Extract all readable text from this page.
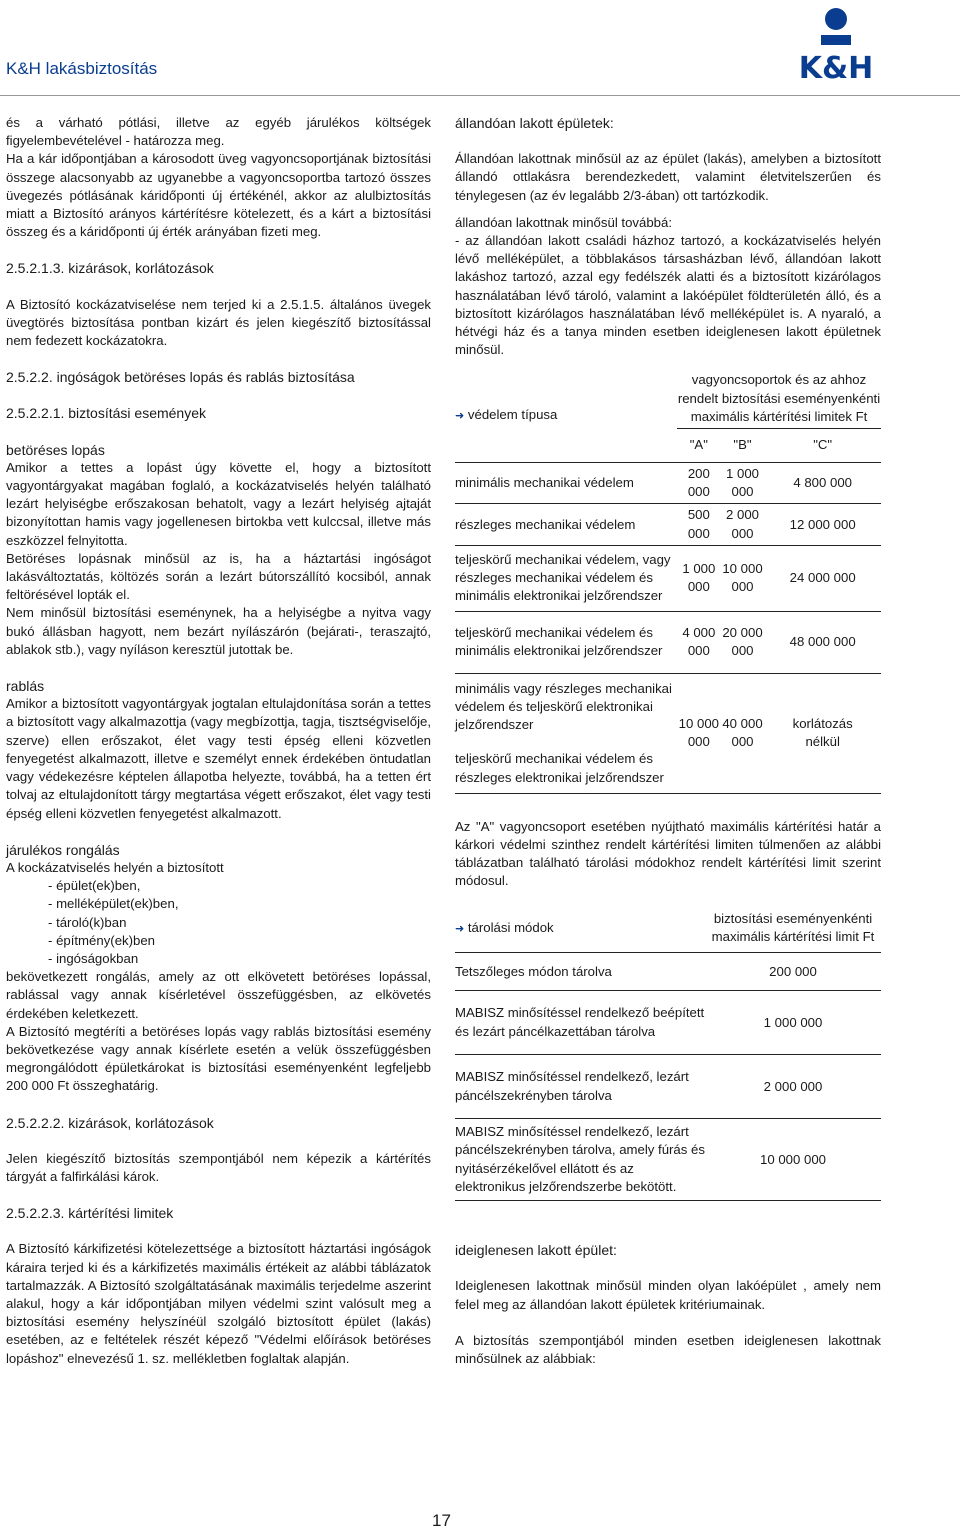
K&H lakásbiztosítás	K&H

és a várható pótlási, illetve az egyéb járulékos költségek figyelembevételével - határozza meg.

Ha a kár időpontjában a károsodott üveg vagyoncsoportjának biztosítási összege alacsonyabb az ugyanebbe a vagyoncsoportba tartozó összes üvegezés pótlásának káridőponti új értékénél, akkor az alulbiztosítás miatt a Biztosító arányos kártérítésre kötelezett, és a kárt a biztosítási összeg és a káridőponti új érték arányában fizeti meg.

2.5.2.1.3. kizárások, korlátozások

A Biztosító kockázatviselése nem terjed ki a 2.5.1.5. általános üvegek üvegtörés biztosítása pontban kizárt és jelen kiegészítő biztosítással nem fedezett kockázatokra.

2.5.2.2. ingóságok betöréses lopás és rablás biztosítása

2.5.2.2.1. biztosítási események

betöréses lopás

Amikor a tettes a lopást úgy követte el, hogy a biztosított vagyontárgyakat magában foglaló, a kockázatviselés helyén található lezárt helyiségbe erőszakosan behatolt, vagy a lezárt helyiség ajtaját bizonyítottan hamis vagy jogellenesen birtokba vett kulccsal, illetve más eszközzel felnyitotta.

Betöréses lopásnak minősül az is, ha a háztartási ingóságot lakásváltoztatás, költözés során a lezárt bútorszállító kocsiból, annak feltörésével lopták el.

Nem minősül biztosítási eseménynek, ha a helyiségbe a nyitva vagy bukó állásban hagyott, nem bezárt nyílászárón (bejárati-, teraszajtó, ablakok stb.), vagy nyíláson keresztül jutottak be.

rablás

Amikor a biztosított vagyontárgyak jogtalan eltulajdonítása során a tettes a biztosított vagy alkalmazottja (vagy megbízottja, tagja, tisztségviselője, szerve) ellen erőszakot, élet vagy testi épség elleni közvetlen fenyegetést alkalmazott, illetve e személyt ennek érdekében öntudatlan vagy védekezésre képtelen állapotba helyezte, továbbá, ha a tetten ért tolvaj az eltulajdonított tárgy megtartása végett erőszakot, élet vagy testi épség elleni közvetlen fenyegetést alkalmazott.

járulékos rongálás

A kockázatviselés helyén a biztosított

- épület(ek)ben,
- melléképület(ek)ben,
- tároló(k)ban
- építmény(ek)ben
- ingóságokban

bekövetkezett rongálás, amely az ott elkövetett betöréses lopással, rablással vagy annak kísérletével összefüggésben, az elkövetés érdekében keletkezett.

A Biztosító megtéríti a betöréses lopás vagy rablás biztosítási esemény bekövetkezése vagy annak kísérlete esetén a velük összefüggésben megrongálódott épületkárokat is biztosítási eseményenként legfeljebb 200 000 Ft összeghatárig.

2.5.2.2.2. kizárások, korlátozások

Jelen kiegészítő biztosítás szempontjából nem képezik a kártérítés tárgyát a falfirkálási károk.

2.5.2.2.3. kártérítési limitek

A Biztosító kárkifizetési kötelezettsége a biztosított háztartási ingóságok káraira terjed ki és a kárkifizetés maximális értékeit az alábbi táblázatok tartalmazzák. A Biztosító szolgáltatásának maximális terjedelme aszerint alakul, hogy a kár időpontjában milyen védelmi szint valósult meg a biztosítási esemény helyszínéül szolgáló biztosított épület (lakás) esetében, az e feltételek részét képező "Védelmi előírások betöréses lopáshoz" elnevezésű 1. sz. mellékletben foglaltak alapján.

állandóan lakott épületek:

Állandóan lakottnak minősül az az épület (lakás), amelyben a biztosított állandó ottlakásra berendezkedett, valamint életvitelszerűen és ténylegesen (az év legalább 2/3-ában) ott tartózkodik.

állandóan lakottnak minősül továbbá:

- az állandóan lakott családi házhoz tartozó, a kockázatviselés helyén lévő melléképület, a többlakásos társasházban lévő, állandóan lakott lakáshoz tartozó, azzal egy fedélszék alatti és a biztosított kizárólagos használatában lévő tároló, valamint a lakóépület földterületén álló, és a biztosított kizárólagos használatában lévő melléképület is. A nyaraló, a hétvégi ház és a tanya minden esetben ideiglenesen lakott épületnek minősül.

➜ védelem típusa	vagyoncsoportok és az ahhoz rendelt biztosítási eseményenkénti maximális kártérítési limitek Ft		
	"A"	"B"	"C"
minimális mechanikai védelem	200 000	1 000 000	4 800 000
részleges mechanikai védelem	500 000	2 000 000	12 000 000
teljeskörű mechanikai védelem, vagy részleges mechanikai védelem és minimális elektronikai jelzőrendszer	1 000 000	10 000 000	24 000 000
teljeskörű mechanikai védelem és minimális elektronikai jelzőrendszer	4 000 000	20 000 000	48 000 000

minimális vagy részleges mechanikai védelem és teljeskörű elektronikai jelzőrendszer
teljeskörű mechanikai védelem és részleges elektronikai jelzőrendszer	10 000 000	40 000 000	korlátozás nélkül

Az "A" vagyoncsoport esetében nyújtható maximális kártérítési határ a kárkori védelmi szinthez rendelt kártérítési limiten túlmenően az alábbi táblázatban található tárolási módokhoz rendelt kártérítési limit szerint módosul.

➜ tárolási módok	biztosítási eseményenkénti maximális kártérítési limit Ft
Tetszőleges módon tárolva	200 000
MABISZ minősítéssel rendelkező beépített és lezárt páncélkazettában tárolva	1 000 000
MABISZ minősítéssel rendelkező, lezárt páncélszekrényben tárolva	2 000 000
MABISZ minősítéssel rendelkező, lezárt páncélszekrényben tárolva, amely fúrás és nyitásérzékelővel ellátott és az elektronikus jelzőrendszerbe bekötött.	10 000 000

ideiglenesen lakott épület:

Ideiglenesen lakottnak minősül minden olyan lakóépület , amely nem felel meg az állandóan lakott épületek kritériumainak.

A biztosítás szempontjából minden esetben ideiglenesen lakottnak minősülnek az alábbiak:

17
